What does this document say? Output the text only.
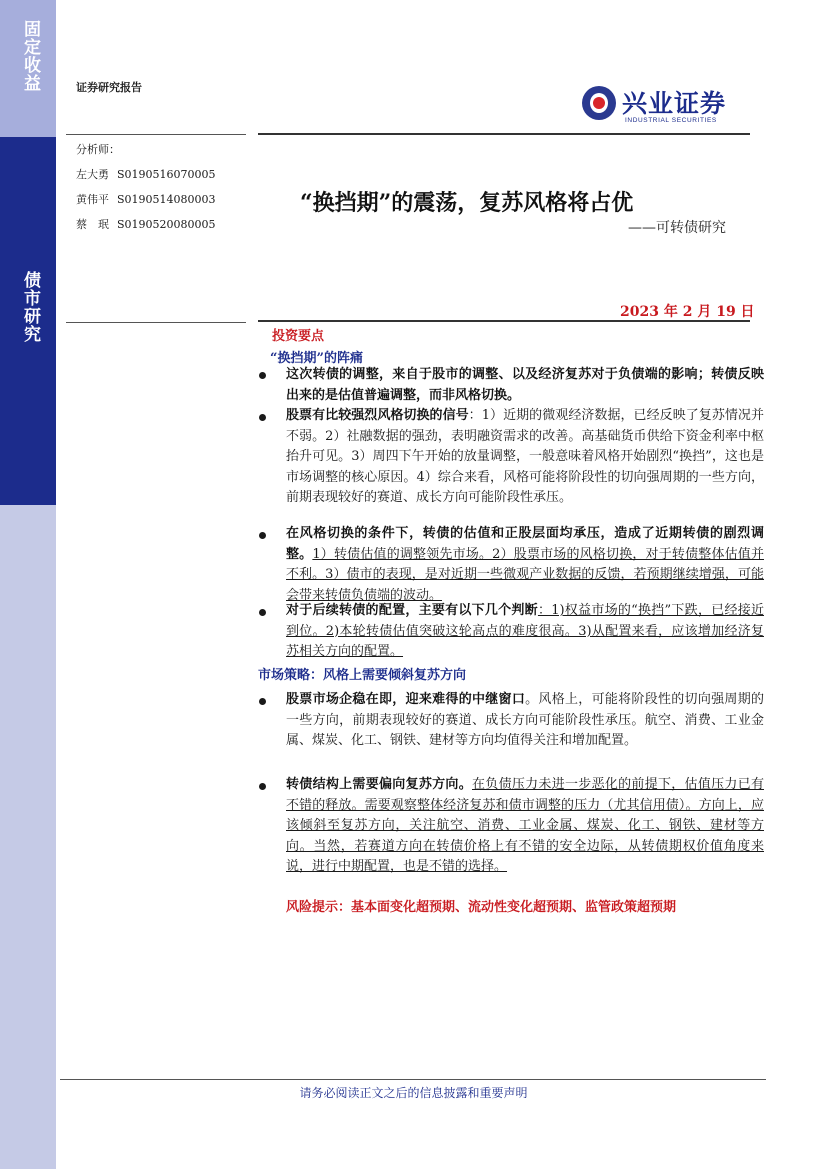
固定收益
债市研究
证券研究报告
兴业证券
INDUSTRIAL SECURITIES
分析师：
左大勇 S0190516070005
黄伟平 S0190514080003
蔡　珉 S0190520080005
“换挡期”的震荡，复苏风格将占优
——可转债研究
2023 年 2 月 19 日
投资要点
“换挡期”的阵痛
这次转债的调整，来自于股市的调整、以及经济复苏对于负债端的影响；转债反映出来的是估值普遍调整，而非风格切换。
股票有比较强烈风格切换的信号：1）近期的微观经济数据，已经反映了复苏情况并不弱。2）社融数据的强劲，表明融资需求的改善。高基础货币供给下资金利率中枢抬升可见。3）周四下午开始的放量调整，一般意味着风格开始剧烈“换挡”，这也是市场调整的核心原因。4）综合来看，风格可能将阶段性的切向强周期的一些方向，前期表现较好的赛道、成长方向可能阶段性承压。
在风格切换的条件下，转债的估值和正股层面均承压，造成了近期转债的剧烈调整。1）转债估值的调整领先市场。2）股票市场的风格切换，对于转债整体估值并不利。3）债市的表现，是对近期一些微观产业数据的反馈，若预期继续增强，可能会带来转债负债端的波动。
对于后续转债的配置，主要有以下几个判断：1)权益市场的“换挡”下跌，已经接近到位。2)本轮转债估值突破这轮高点的难度很高。3)从配置来看，应该增加经济复苏相关方向的配置。
市场策略：风格上需要倾斜复苏方向
股票市场企稳在即，迎来难得的中继窗口。风格上，可能将阶段性的切向强周期的一些方向，前期表现较好的赛道、成长方向可能阶段性承压。航空、消费、工业金属、煤炭、化工、钢铁、建材等方向均值得关注和增加配置。
转债结构上需要偏向复苏方向。在负债压力未进一步恶化的前提下，估值压力已有不错的释放。需要观察整体经济复苏和债市调整的压力（尤其信用债）。方向上，应该倾斜至复苏方向，关注航空、消费、工业金属、煤炭、化工、钢铁、建材等方向。当然，若赛道方向在转债价格上有不错的安全边际，从转债期权价值角度来说，进行中期配置，也是不错的选择。
风险提示：基本面变化超预期、流动性变化超预期、监管政策超预期
请务必阅读正文之后的信息披露和重要声明
